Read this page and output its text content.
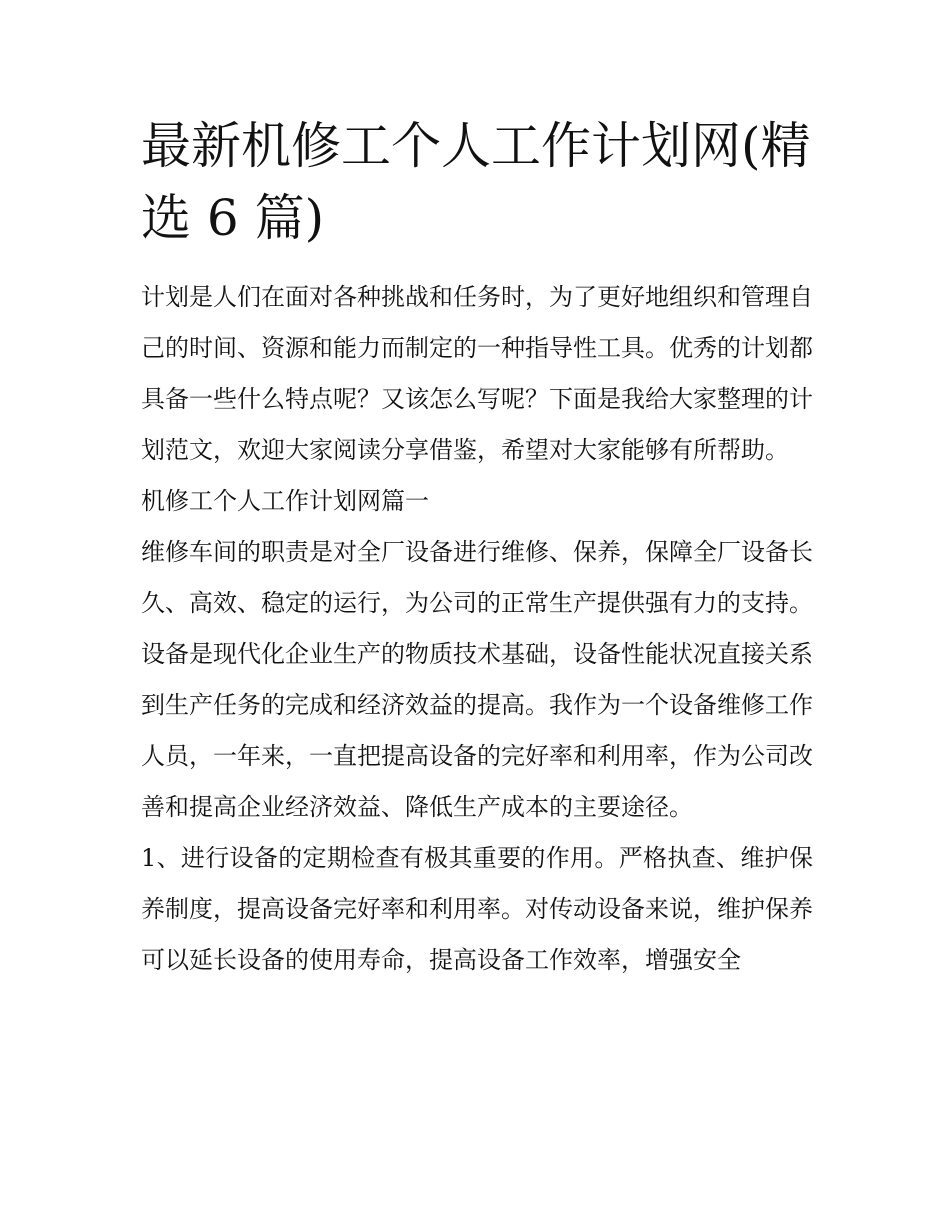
最新机修工个人工作计划网(精选 6 篇)

计划是人们在面对各种挑战和任务时，为了更好地组织和管理自己的时间、资源和能力而制定的一种指导性工具。优秀的计划都具备一些什么特点呢？又该怎么写呢？下面是我给大家整理的计划范文，欢迎大家阅读分享借鉴，希望对大家能够有所帮助。

机修工个人工作计划网篇一

维修车间的职责是对全厂设备进行维修、保养，保障全厂设备长久、高效、稳定的运行，为公司的正常生产提供强有力的支持。设备是现代化企业生产的物质技术基础，设备性能状况直接关系到生产任务的完成和经济效益的提高。我作为一个设备维修工作人员，一年来，一直把提高设备的完好率和利用率，作为公司改善和提高企业经济效益、降低生产成本的主要途径。

1、进行设备的定期检查有极其重要的作用。严格执查、维护保养制度，提高设备完好率和利用率。对传动设备来说，维护保养可以延长设备的使用寿命，提高设备工作效率，增强安全
